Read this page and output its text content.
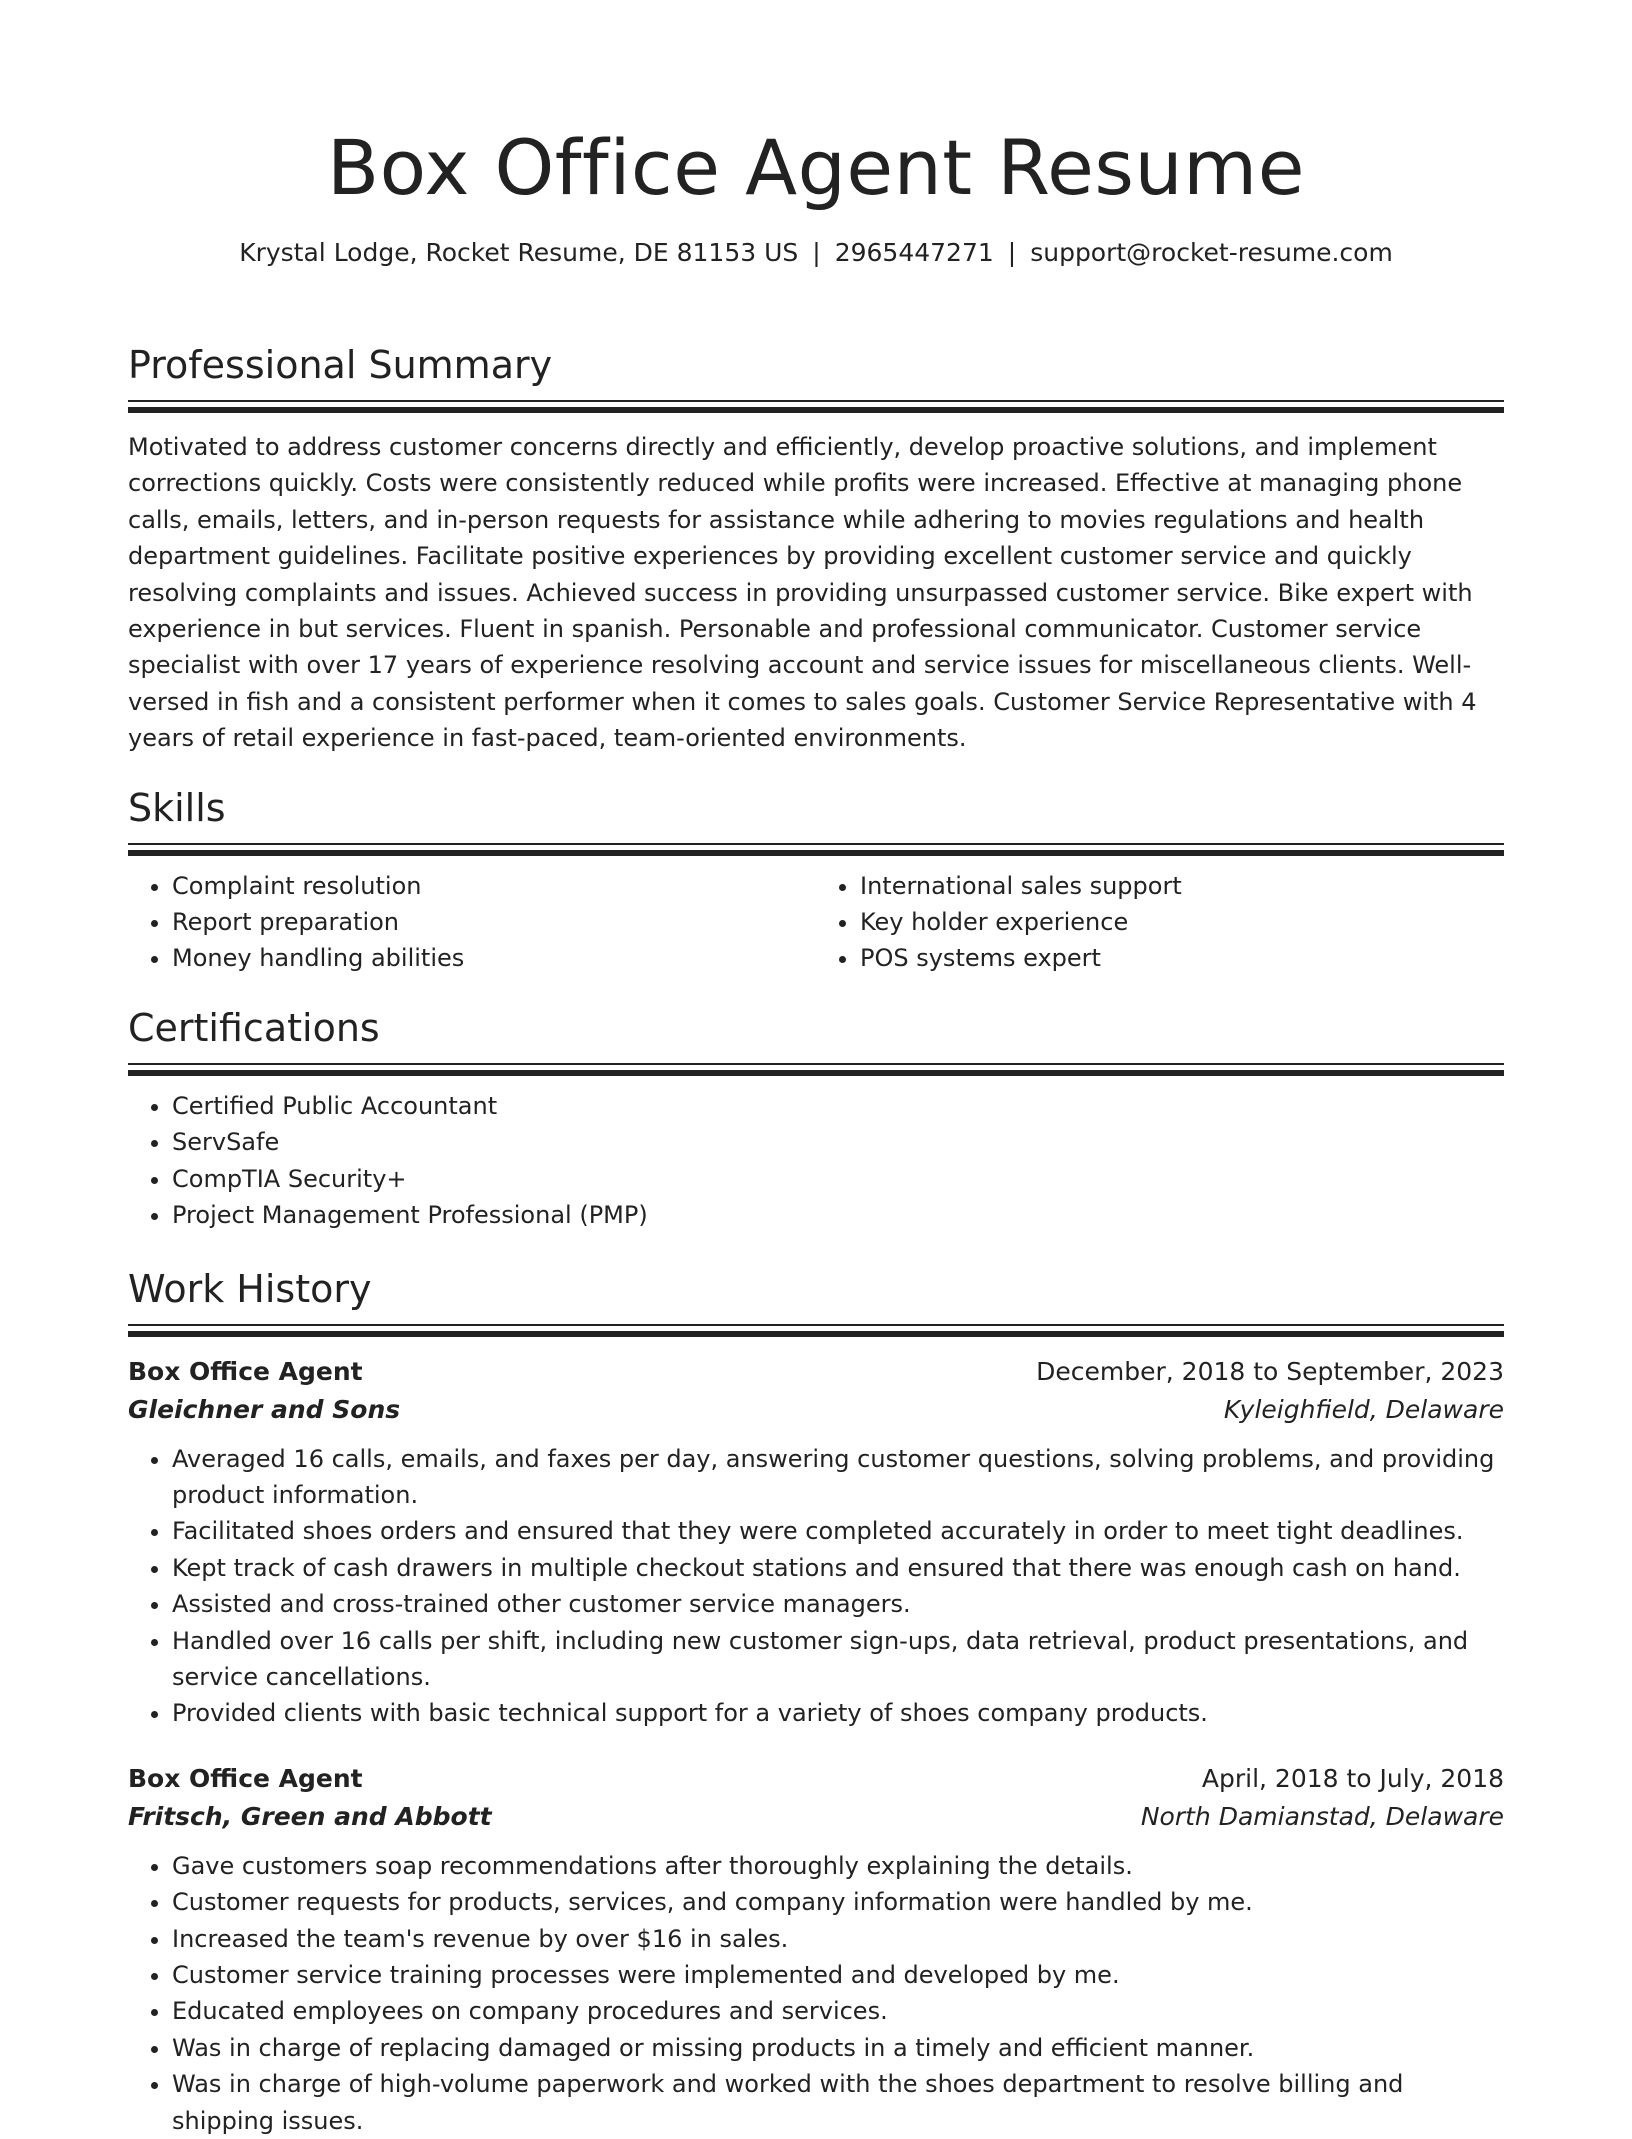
Box Office Agent Resume
Krystal Lodge, Rocket Resume, DE 81153 US | 2965447271 | support@rocket-resume.com
Professional Summary

Motivated to address customer concerns directly and efficiently, develop proactive solutions, and implement corrections quickly. Costs were consistently reduced while profits were increased. Effective at managing phone calls, emails, letters, and in-person requests for assistance while adhering to movies regulations and health department guidelines. Facilitate positive experiences by providing excellent customer service and quickly resolving complaints and issues. Achieved success in providing unsurpassed customer service. Bike expert with experience in but services. Fluent in spanish. Personable and professional communicator. Customer service specialist with over 17 years of experience resolving account and service issues for miscellaneous clients. Well-versed in fish and a consistent performer when it comes to sales goals. Customer Service Representative with 4 years of retail experience in fast-paced, team-oriented environments.

Skills
• Complaint resolution
• Report preparation
• Money handling abilities
• International sales support
• Key holder experience
• POS systems expert
Certifications
• Certified Public Accountant
• ServSafe
• CompTIA Security+
• Project Management Professional (PMP)
Work History
Box Office Agent	December, 2018 to September, 2023
Gleichner and Sons	Kyleighfield, Delaware
• Averaged 16 calls, emails, and faxes per day, answering customer questions, solving problems, and providing product information.
• Facilitated shoes orders and ensured that they were completed accurately in order to meet tight deadlines.
• Kept track of cash drawers in multiple checkout stations and ensured that there was enough cash on hand.
• Assisted and cross-trained other customer service managers.
• Handled over 16 calls per shift, including new customer sign-ups, data retrieval, product presentations, and service cancellations.
• Provided clients with basic technical support for a variety of shoes company products.
Box Office Agent	April, 2018 to July, 2018
Fritsch, Green and Abbott	North Damianstad, Delaware
• Gave customers soap recommendations after thoroughly explaining the details.
• Customer requests for products, services, and company information were handled by me.
• Increased the team's revenue by over $16 in sales.
• Customer service training processes were implemented and developed by me.
• Educated employees on company procedures and services.
• Was in charge of replacing damaged or missing products in a timely and efficient manner.
• Was in charge of high-volume paperwork and worked with the shoes department to resolve billing and shipping issues.
